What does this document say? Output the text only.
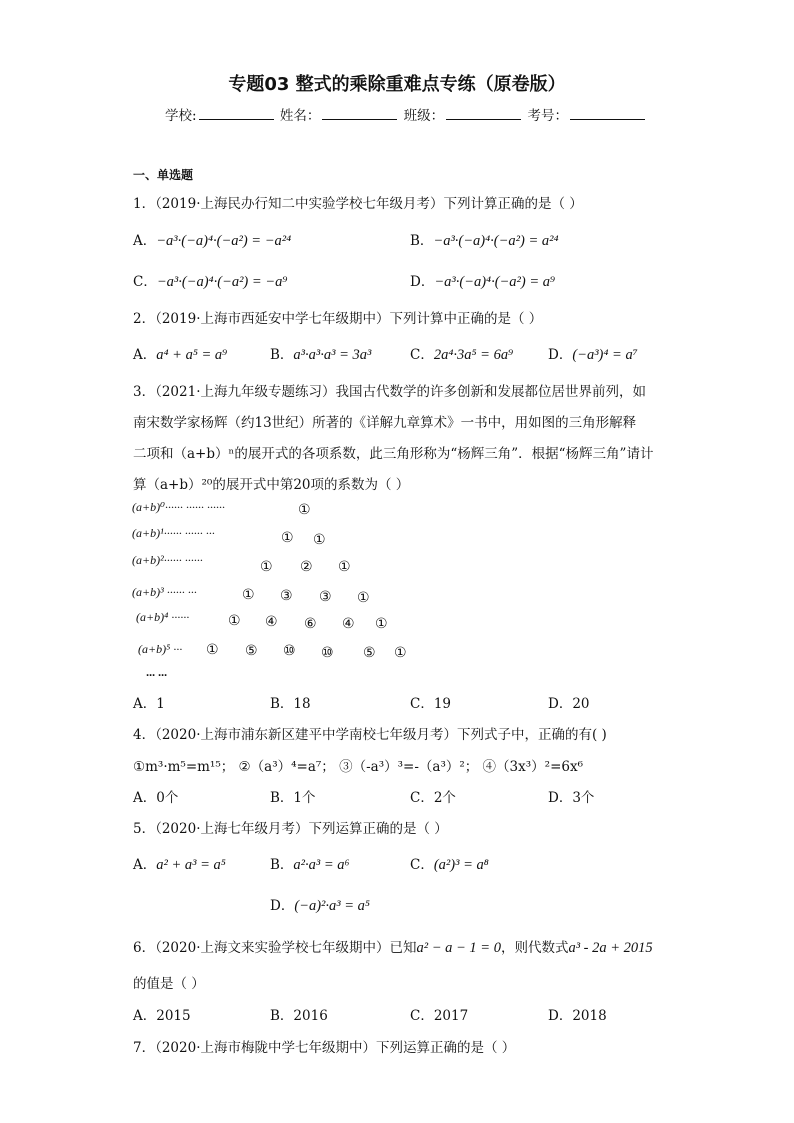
专题03 整式的乘除重难点专练（原卷版）
学校:	姓名：	班级：	考号：
一、单选题
1．（2019·上海民办行知二中实验学校七年级月考）下列计算正确的是（ ）
A．−a³·(−a)⁴·(−a²) = −a²⁴	B．−a³·(−a)⁴·(−a²) = a²⁴
C．−a³·(−a)⁴·(−a²) = −a⁹	D．−a³·(−a)⁴·(−a²) = a⁹
2．（2019·上海市西延安中学七年级期中）下列计算中正确的是（ ）
A．a⁴ + a⁵ = a⁹	B．a³·a³·a³ = 3a³	C．2a⁴·3a⁵ = 6a⁹	D．(−a³)⁴ = a⁷
3．（2021·上海九年级专题练习）我国古代数学的许多创新和发展都位居世界前列，如
南宋数学家杨辉（约13世纪）所著的《详解九章算术》一书中，用如图的三角形解释
二项和（a+b）ⁿ的展开式的各项系数，此三角形称为“杨辉三角”．根据“杨辉三角”请计
算（a+b）²⁰的展开式中第20项的系数为（ ）
(a+b)⁰······ ······ ······	①
(a+b)¹······ ······ ···	① ①
(a+b)²······ ······	① ② ①
(a+b)³ ······ ···	① ③ ③ ①
(a+b)⁴ ······	① ④ ⑥ ④ ①
(a+b)⁵ ··· ① ⑤ ⑩ ⑩ ⑤ ①
··· ···
A．1	B．18	C．19	D．20
4．（2020·上海市浦东新区建平中学南校七年级月考）下列式子中，正确的有( )
①m³·m⁵=m¹⁵； ②（a³）⁴=a⁷； ③（-a³）³=-（a³）²； ④（3x³）²=6x⁶
A．0个	B．1个	C．2个	D．3个
5．（2020·上海七年级月考）下列运算正确的是（ ）
A．a² + a³ = a⁵	B．a²·a³ = a⁶	C．(a²)³ = a⁸
D．(−a)²·a³ = a⁵
6．（2020·上海文来实验学校七年级期中）已知a² − a − 1 = 0，则代数式a³ - 2a + 2015
的值是（ ）
A．2015	B．2016	C．2017	D．2018
7．（2020·上海市梅陇中学七年级期中）下列运算正确的是（ ）
